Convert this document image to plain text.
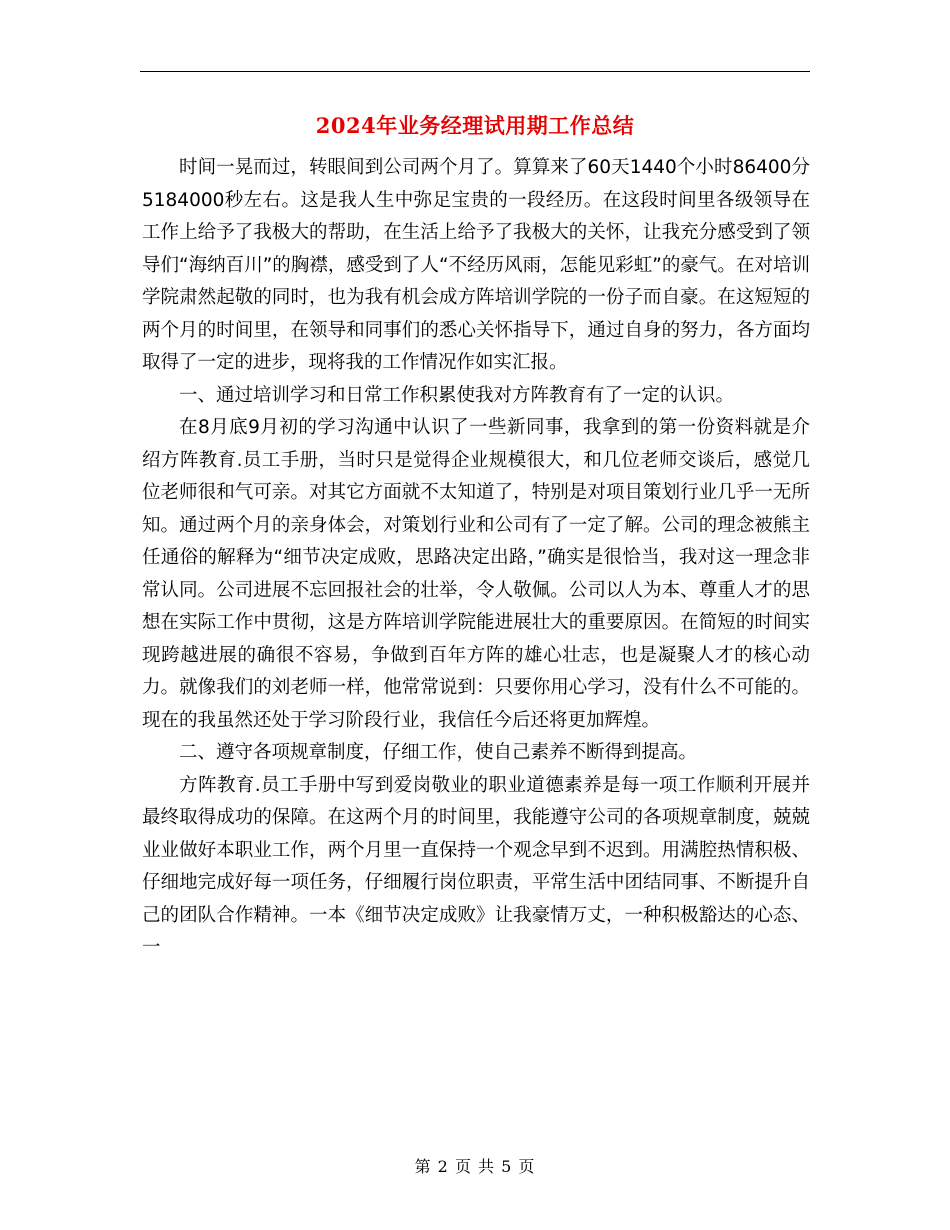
2024年业务经理试用期工作总结

时间一晃而过，转眼间到公司两个月了。算算来了60天1440个小时86400分5184000秒左右。这是我人生中弥足宝贵的一段经历。在这段时间里各级领导在工作上给予了我极大的帮助，在生活上给予了我极大的关怀，让我充分感受到了领导们“海纳百川”的胸襟，感受到了人“不经历风雨，怎能见彩虹”的豪气。在对培训学院肃然起敬的同时，也为我有机会成方阵培训学院的一份子而自豪。在这短短的两个月的时间里，在领导和同事们的悉心关怀指导下，通过自身的努力，各方面均取得了一定的进步，现将我的工作情况作如实汇报。

一、通过培训学习和日常工作积累使我对方阵教育有了一定的认识。

在8月底9月初的学习沟通中认识了一些新同事，我拿到的第一份资料就是介绍方阵教育.员工手册，当时只是觉得企业规模很大，和几位老师交谈后，感觉几位老师很和气可亲。对其它方面就不太知道了，特别是对项目策划行业几乎一无所知。通过两个月的亲身体会，对策划行业和公司有了一定了解。公司的理念被熊主任通俗的解释为“细节决定成败，思路决定出路，”确实是很恰当，我对这一理念非常认同。公司进展不忘回报社会的壮举，令人敬佩。公司以人为本、尊重人才的思想在实际工作中贯彻，这是方阵培训学院能进展壮大的重要原因。在简短的时间实现跨越进展的确很不容易，争做到百年方阵的雄心壮志，也是凝聚人才的核心动力。就像我们的刘老师一样，他常常说到：只要你用心学习，没有什么不可能的。现在的我虽然还处于学习阶段行业，我信任今后还将更加辉煌。

二、遵守各项规章制度，仔细工作，使自己素养不断得到提高。

方阵教育.员工手册中写到爱岗敬业的职业道德素养是每一项工作顺利开展并最终取得成功的保障。在这两个月的时间里，我能遵守公司的各项规章制度，兢兢业业做好本职业工作，两个月里一直保持一个观念早到不迟到。用满腔热情积极、仔细地完成好每一项任务，仔细履行岗位职责，平常生活中团结同事、不断提升自己的团队合作精神。一本《细节决定成败》让我豪情万丈，一种积极豁达的心态、一

第 2 页 共 5 页
